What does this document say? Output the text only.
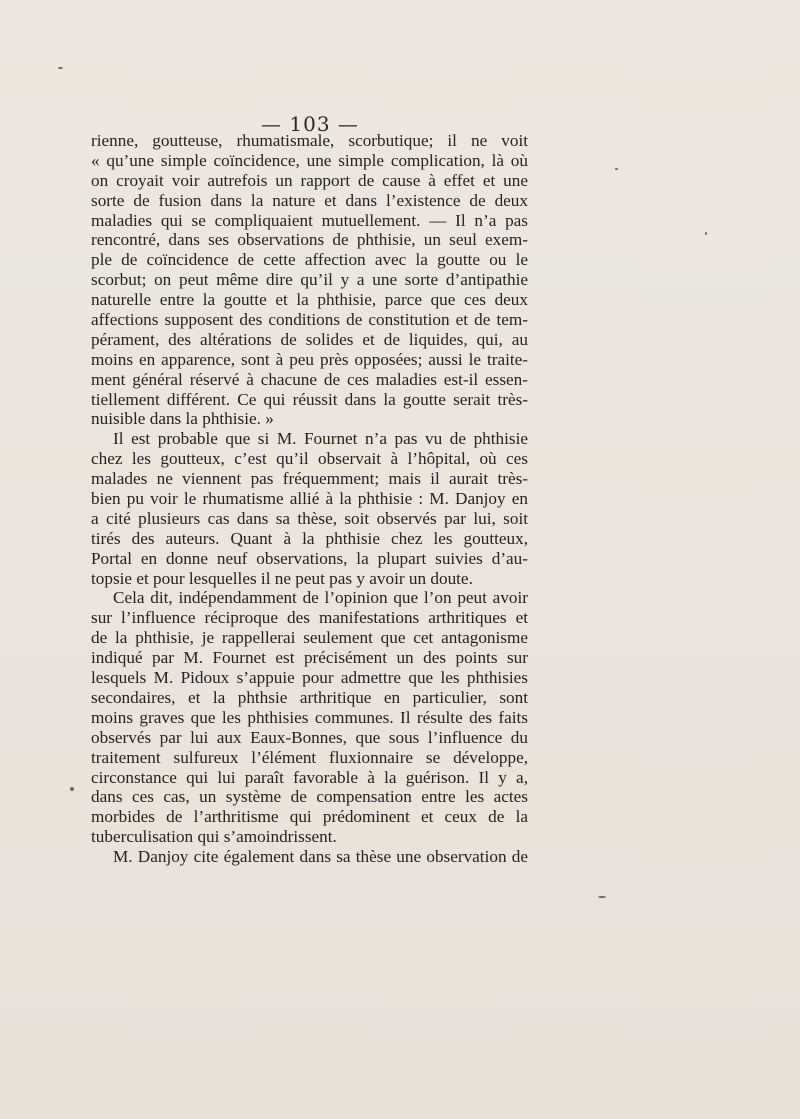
— 103 —
rienne, goutteuse, rhumatismale, scorbutique; il ne voit
« qu’une simple coïncidence, une simple complication, là où
on croyait voir autrefois un rapport de cause à effet et une
sorte de fusion dans la nature et dans l’existence de deux
maladies qui se compliquaient mutuellement. — Il n’a pas
rencontré, dans ses observations de phthisie, un seul exem-
ple de coïncidence de cette affection avec la goutte ou le
scorbut; on peut même dire qu’il y a une sorte d’antipathie
naturelle entre la goutte et la phthisie, parce que ces deux
affections supposent des conditions de constitution et de tem-
pérament, des altérations de solides et de liquides, qui, au
moins en apparence, sont à peu près opposées; aussi le traite-
ment général réservé à chacune de ces maladies est-il essen-
tiellement différent. Ce qui réussit dans la goutte serait très-
nuisible dans la phthisie. »
Il est probable que si M. Fournet n’a pas vu de phthisie
chez les goutteux, c’est qu’il observait à l’hôpital, où ces
malades ne viennent pas fréquemment; mais il aurait très-
bien pu voir le rhumatisme allié à la phthisie : M. Danjoy en
a cité plusieurs cas dans sa thèse, soit observés par lui, soit
tirés des auteurs. Quant à la phthisie chez les goutteux,
Portal en donne neuf observations, la plupart suivies d’au-
topsie et pour lesquelles il ne peut pas y avoir un doute.
Cela dit, indépendamment de l’opinion que l’on peut avoir
sur l’influence réciproque des manifestations arthritiques et
de la phthisie, je rappellerai seulement que cet antagonisme
indiqué par M. Fournet est précisément un des points sur
lesquels M. Pidoux s’appuie pour admettre que les phthisies
secondaires, et la phthsie arthritique en particulier, sont
moins graves que les phthisies communes. Il résulte des faits
observés par lui aux Eaux-Bonnes, que sous l’influence du
traitement sulfureux l’élément fluxionnaire se développe,
circonstance qui lui paraît favorable à la guérison. Il y a,
dans ces cas, un système de compensation entre les actes
morbides de l’arthritisme qui prédominent et ceux de la
tuberculisation qui s’amoindrissent.
M. Danjoy cite également dans sa thèse une observation de
